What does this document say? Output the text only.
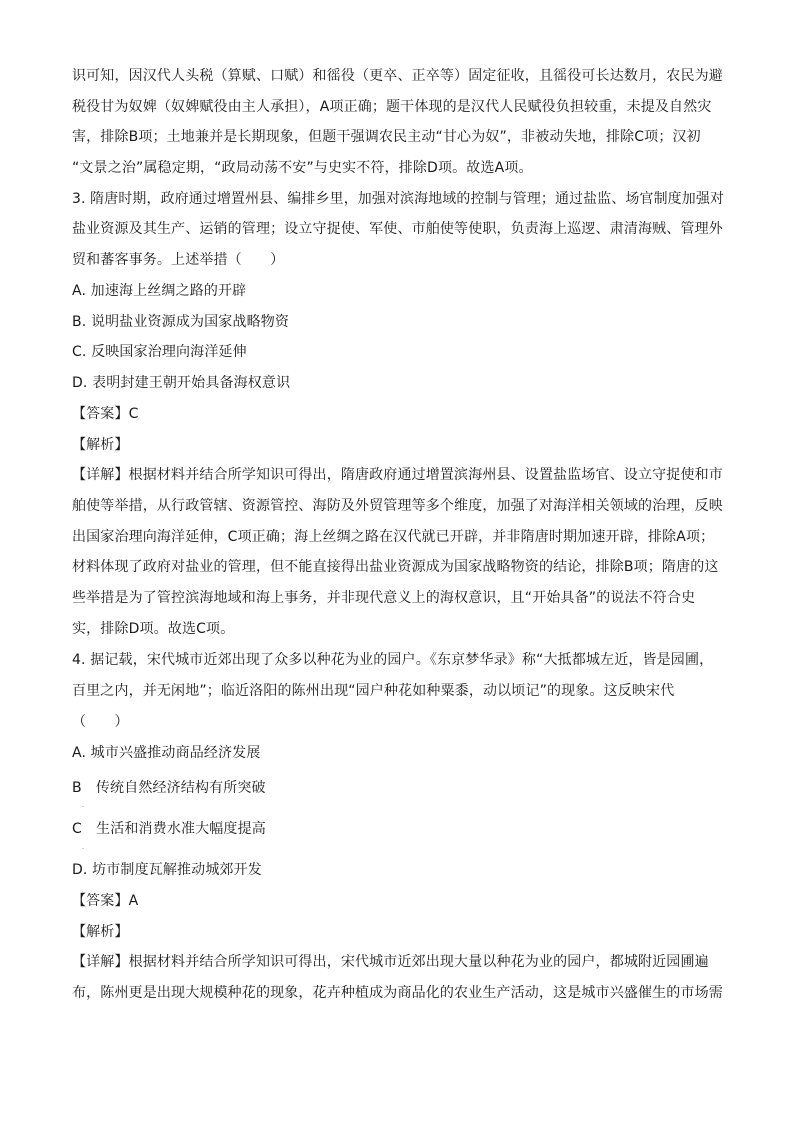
识可知，因汉代人头税（算赋、口赋）和徭役（更卒、正卒等）固定征收，且徭役可长达数月，农民为避
税役甘为奴婢（奴婢赋役由主人承担），A项正确；题干体现的是汉代人民赋役负担较重，未提及自然灾
害，排除B项；土地兼并是长期现象，但题干强调农民主动“甘心为奴”，非被动失地，排除C项；汉初
“文景之治”属稳定期，“政局动荡不安”与史实不符，排除D项。故选A项。
3. 隋唐时期，政府通过增置州县、编排乡里，加强对滨海地域的控制与管理；通过盐监、场官制度加强对
盐业资源及其生产、运销的管理；设立守捉使、军使、市舶使等使职，负责海上巡逻、肃清海贼、管理外
贸和蕃客事务。上述举措（　　）
A. 加速海上丝绸之路的开辟
B. 说明盐业资源成为国家战略物资
C. 反映国家治理向海洋延伸
D. 表明封建王朝开始具备海权意识
【答案】C
【解析】
【详解】根据材料并结合所学知识可得出，隋唐政府通过增置滨海州县、设置盐监场官、设立守捉使和市
舶使等举措，从行政管辖、资源管控、海防及外贸管理等多个维度，加强了对海洋相关领域的治理，反映
出国家治理向海洋延伸，C项正确；海上丝绸之路在汉代就已开辟，并非隋唐时期加速开辟，排除A项；
材料体现了政府对盐业的管理，但不能直接得出盐业资源成为国家战略物资的结论，排除B项；隋唐的这
些举措是为了管控滨海地域和海上事务，并非现代意义上的海权意识，且“开始具备”的说法不符合史
实，排除D项。故选C项。
4. 据记载，宋代城市近郊出现了众多以种花为业的园户。《东京梦华录》称“大抵都城左近，皆是园圃，
百里之内，并无闲地”；临近洛阳的陈州出现“园户种花如种粟黍，动以顷记”的现象。这反映宋代
（　　）
A. 城市兴盛推动商品经济发展
B　传统自然经济结构有所突破
.
C　生活和消费水准大幅度提高
.
D. 坊市制度瓦解推动城郊开发
【答案】A
【解析】
【详解】根据材料并结合所学知识可得出，宋代城市近郊出现大量以种花为业的园户，都城附近园圃遍
布，陈州更是出现大规模种花的现象，花卉种植成为商品化的农业生产活动，这是城市兴盛催生的市场需
